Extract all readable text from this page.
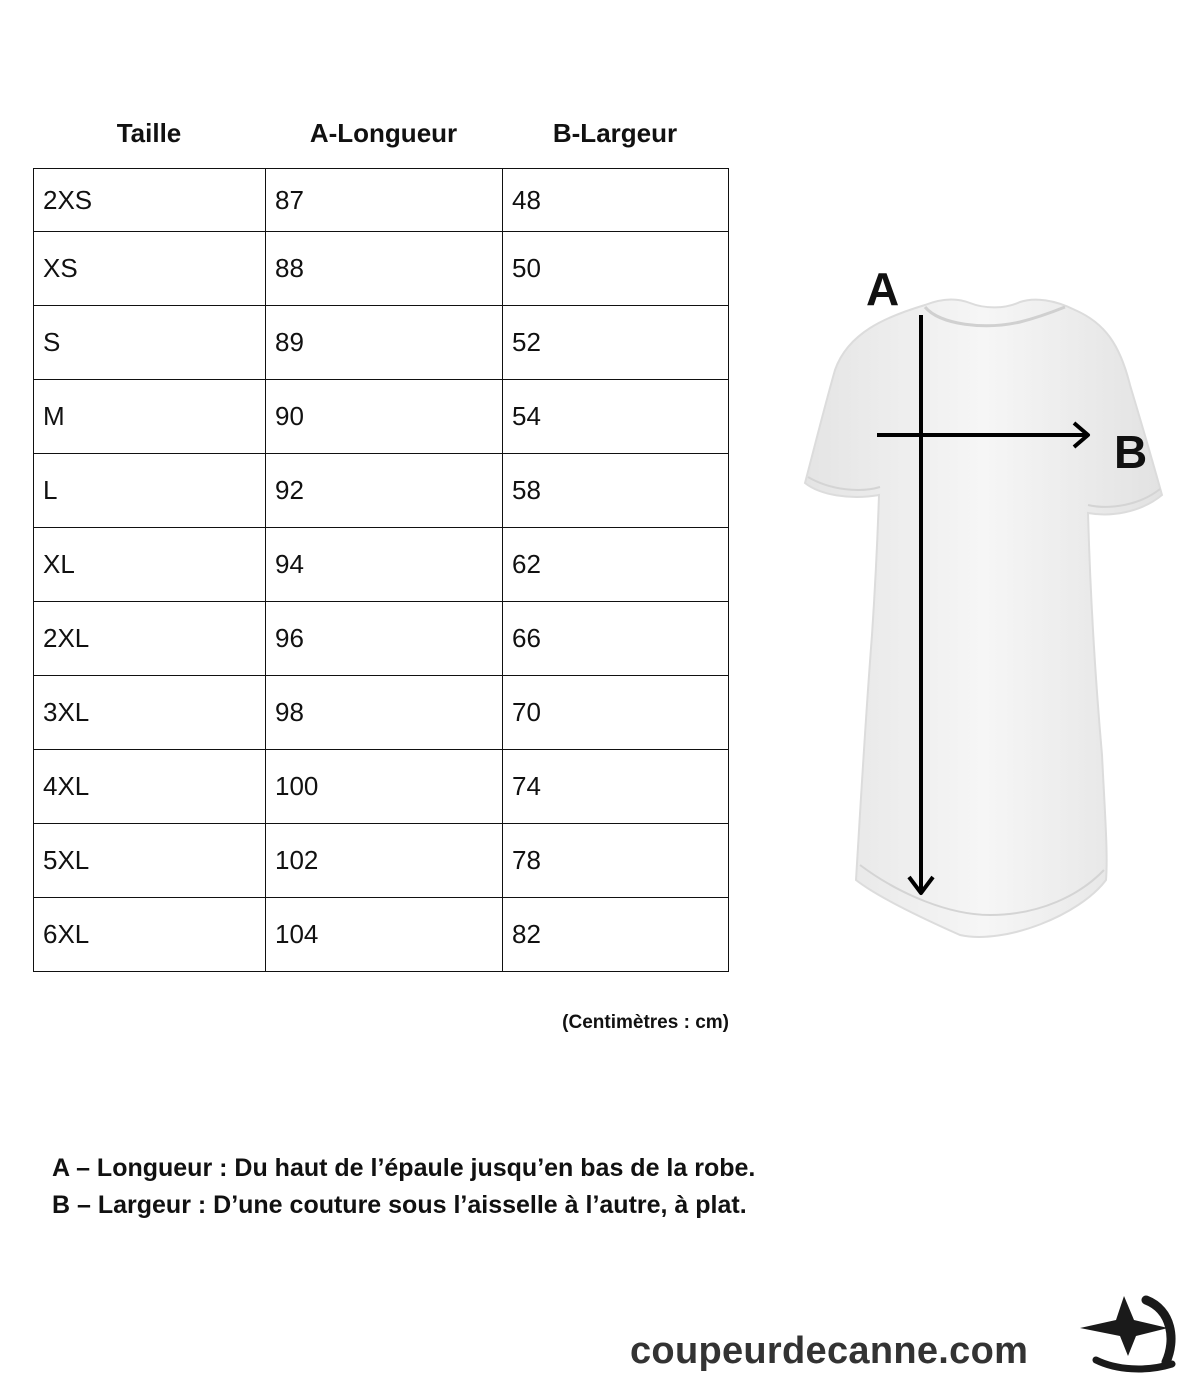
Taille	A-Longueur	B-Largeur
2XS	87	48
XS	88	50
S	89	52
M	90	54
L	92	58
XL	94	62
2XL	96	66
3XL	98	70
4XL	100	74
5XL	102	78
6XL	104	82
(Centimètres : cm)
A
B
A – Longueur : Du haut de l’épaule jusqu’en bas de la robe.
B – Largeur : D’une couture sous l’aisselle à l’autre, à plat.
coupeurdecanne.com
